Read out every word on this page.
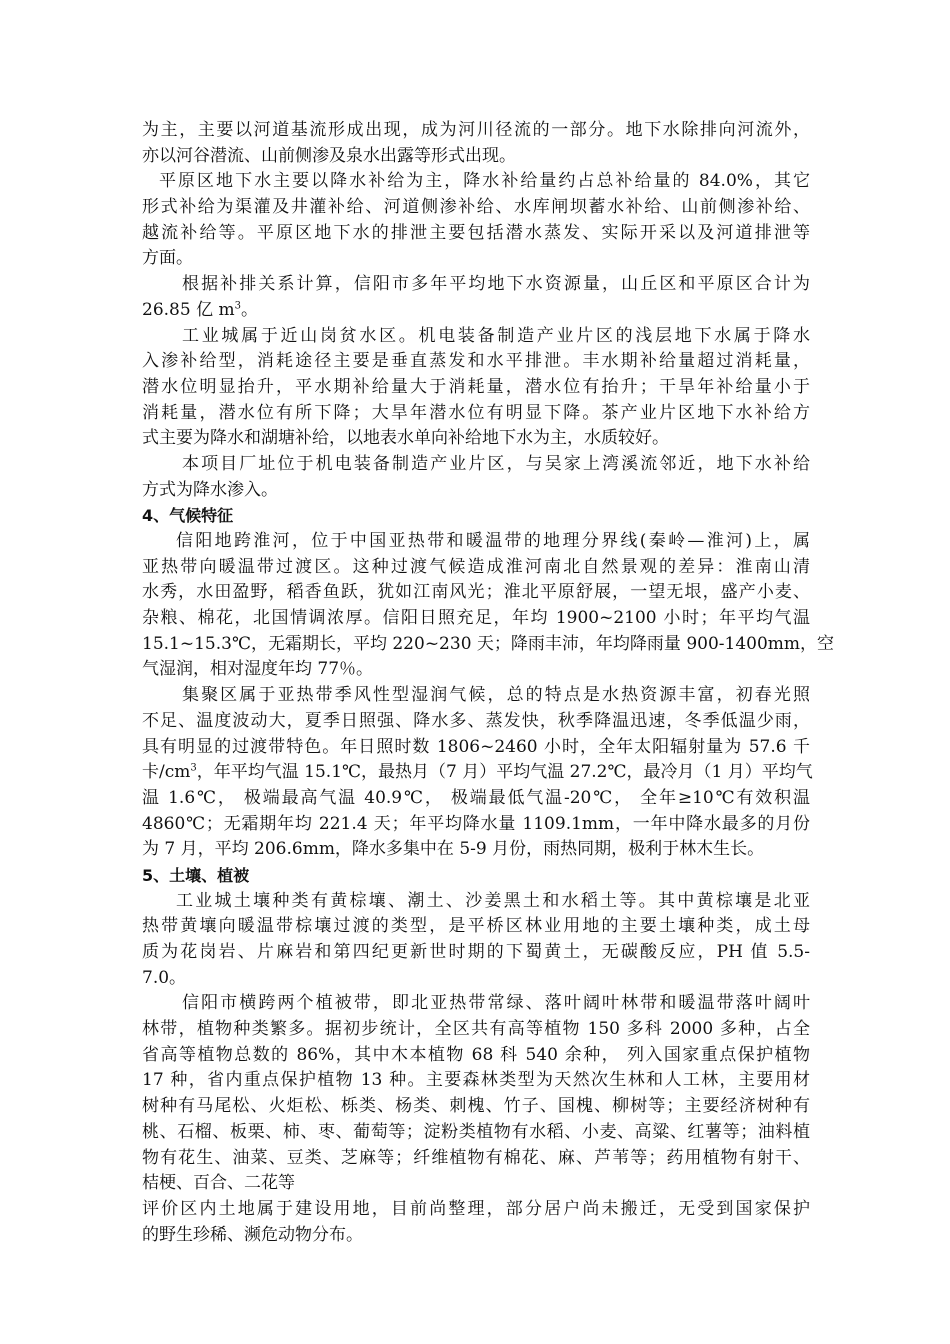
为主，主要以河道基流形成出现，成为河川径流的一部分。地下水除排向河流外，
亦以河谷潜流、山前侧渗及泉水出露等形式出现。
平原区地下水主要以降水补给为主，降水补给量约占总补给量的 84.0%，其它
形式补给为渠灌及井灌补给、河道侧渗补给、水库闸坝蓄水补给、山前侧渗补给、
越流补给等。平原区地下水的排泄主要包括潜水蒸发、实际开采以及河道排泄等
方面。
根据补排关系计算，信阳市多年平均地下水资源量，山丘区和平原区合计为
26.85 亿 $m^3$。
工业城属于近山岗贫水区。机电装备制造产业片区的浅层地下水属于降水
入渗补给型，消耗途径主要是垂直蒸发和水平排泄。丰水期补给量超过消耗量，
潜水位明显抬升，平水期补给量大于消耗量，潜水位有抬升；干旱年补给量小于
消耗量，潜水位有所下降；大旱年潜水位有明显下降。茶产业片区地下水补给方
式主要为降水和湖塘补给，以地表水单向补给地下水为主，水质较好。
本项目厂址位于机电装备制造产业片区，与吴家上湾溪流邻近，地下水补给
方式为降水渗入。
4、气候特征
信阳地跨淮河，位于中国亚热带和暖温带的地理分界线(秦岭—淮河)上，属
亚热带向暖温带过渡区。这种过渡气候造成淮河南北自然景观的差异：淮南山清
水秀，水田盈野，稻香鱼跃，犹如江南风光；淮北平原舒展，一望无垠，盛产小麦、
杂粮、棉花，北国情调浓厚。信阳日照充足，年均 1900~2100 小时；年平均气温
15.1~15.3℃，无霜期长，平均 220~230 天；降雨丰沛，年均降雨量 900-1400mm，空
气湿润，相对湿度年均 77％。
集聚区属于亚热带季风性型湿润气候，总的特点是水热资源丰富，初春光照
不足、温度波动大，夏季日照强、降水多、蒸发快，秋季降温迅速，冬季低温少雨，
具有明显的过渡带特色。年日照时数 1806~2460 小时，全年太阳辐射量为 57.6 千
卡$/cm^3$，年平均气温 15.1℃，最热月（7 月）平均气温 27.2℃，最冷月（1 月）平均气
温 1.6℃， 极端最高气温 40.9℃， 极端最低气温-20℃， 全年≥10℃有效积温
4860℃；无霜期年均 221.4 天；年平均降水量 1109.1mm，一年中降水最多的月份
为 7 月，平均 206.6mm，降水多集中在 5-9 月份，雨热同期，极利于林木生长。
5、土壤、植被
工业城土壤种类有黄棕壤、潮土、沙姜黑土和水稻土等。其中黄棕壤是北亚
热带黄壤向暖温带棕壤过渡的类型，是平桥区林业用地的主要土壤种类，成土母
质为花岗岩、片麻岩和第四纪更新世时期的下蜀黄土，无碳酸反应，PH 值 5.5-
7.0。
信阳市横跨两个植被带，即北亚热带常绿、落叶阔叶林带和暖温带落叶阔叶
林带，植物种类繁多。据初步统计，全区共有高等植物 150 多科 2000 多种，占全
省高等植物总数的 86%，其中木本植物 68 科 540 余种， 列入国家重点保护植物
17 种，省内重点保护植物 13 种。主要森林类型为天然次生林和人工林，主要用材
树种有马尾松、火炬松、栎类、杨类、刺槐、竹子、国槐、柳树等；主要经济树种有
桃、石榴、板栗、柿、枣、葡萄等；淀粉类植物有水稻、小麦、高粱、红薯等；油料植
物有花生、油菜、豆类、芝麻等；纤维植物有棉花、麻、芦苇等；药用植物有射干、
桔梗、百合、二花等
评价区内土地属于建设用地，目前尚整理，部分居户尚未搬迁，无受到国家保护
的野生珍稀、濒危动物分布。
